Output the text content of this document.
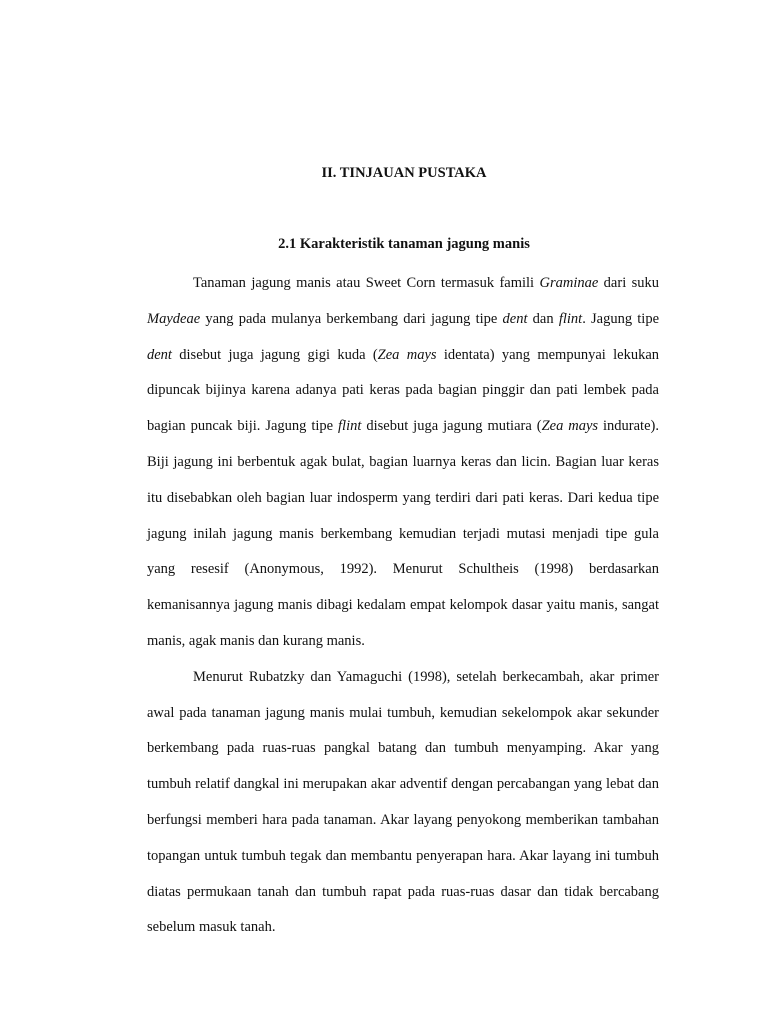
II. TINJAUAN PUSTAKA
2.1 Karakteristik tanaman jagung manis

Tanaman jagung manis atau Sweet Corn termasuk famili Graminae dari suku Maydeae yang pada mulanya berkembang dari jagung tipe dent dan flint. Jagung tipe dent disebut juga jagung gigi kuda (Zea mays identata) yang mempunyai lekukan dipuncak bijinya karena adanya pati keras pada bagian pinggir dan pati lembek pada bagian puncak biji. Jagung tipe flint disebut juga jagung mutiara (Zea mays indurate). Biji jagung ini berbentuk agak bulat, bagian luarnya keras dan licin. Bagian luar keras itu disebabkan oleh bagian luar indosperm yang terdiri dari pati keras. Dari kedua tipe jagung inilah jagung manis berkembang kemudian terjadi mutasi menjadi tipe gula yang resesif (Anonymous, 1992). Menurut Schultheis (1998) berdasarkan kemanisannya jagung manis dibagi kedalam empat kelompok dasar yaitu manis, sangat manis, agak manis dan kurang manis.

Menurut Rubatzky dan Yamaguchi (1998), setelah berkecambah, akar primer awal pada tanaman jagung manis mulai tumbuh, kemudian sekelompok akar sekunder berkembang pada ruas-ruas pangkal batang dan tumbuh menyamping. Akar yang tumbuh relatif dangkal ini merupakan akar adventif dengan percabangan yang lebat dan berfungsi memberi hara pada tanaman. Akar layang penyokong memberikan tambahan topangan untuk tumbuh tegak dan membantu penyerapan hara. Akar layang ini tumbuh diatas permukaan tanah dan tumbuh rapat pada ruas-ruas dasar dan tidak bercabang sebelum masuk tanah.
